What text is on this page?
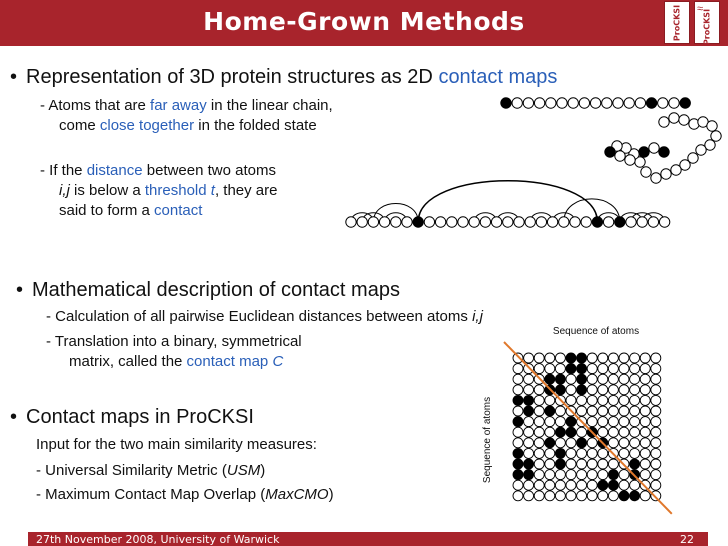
Home-Grown Methods	ProCKSI ≈ ProCKSI
• Representation of 3D protein structures as 2D contact maps
- Atoms that are far away in the linear chain,
come close together in the folded state
- If the distance between two atoms
i,j is below a threshold t, they are
said to form a contact
• Mathematical description of contact maps
- Calculation of all pairwise Euclidean distances between atoms i,j
- Translation into a binary, symmetrical
matrix, called the contact map C
• Contact maps in ProCKSI
Input for the two main similarity measures:
- Universal Similarity Metric (USM)
- Maximum Contact Map Overlap (MaxCMO)
Sequence of atoms
Sequence of atoms
27th November 2008, University of Warwick	22
